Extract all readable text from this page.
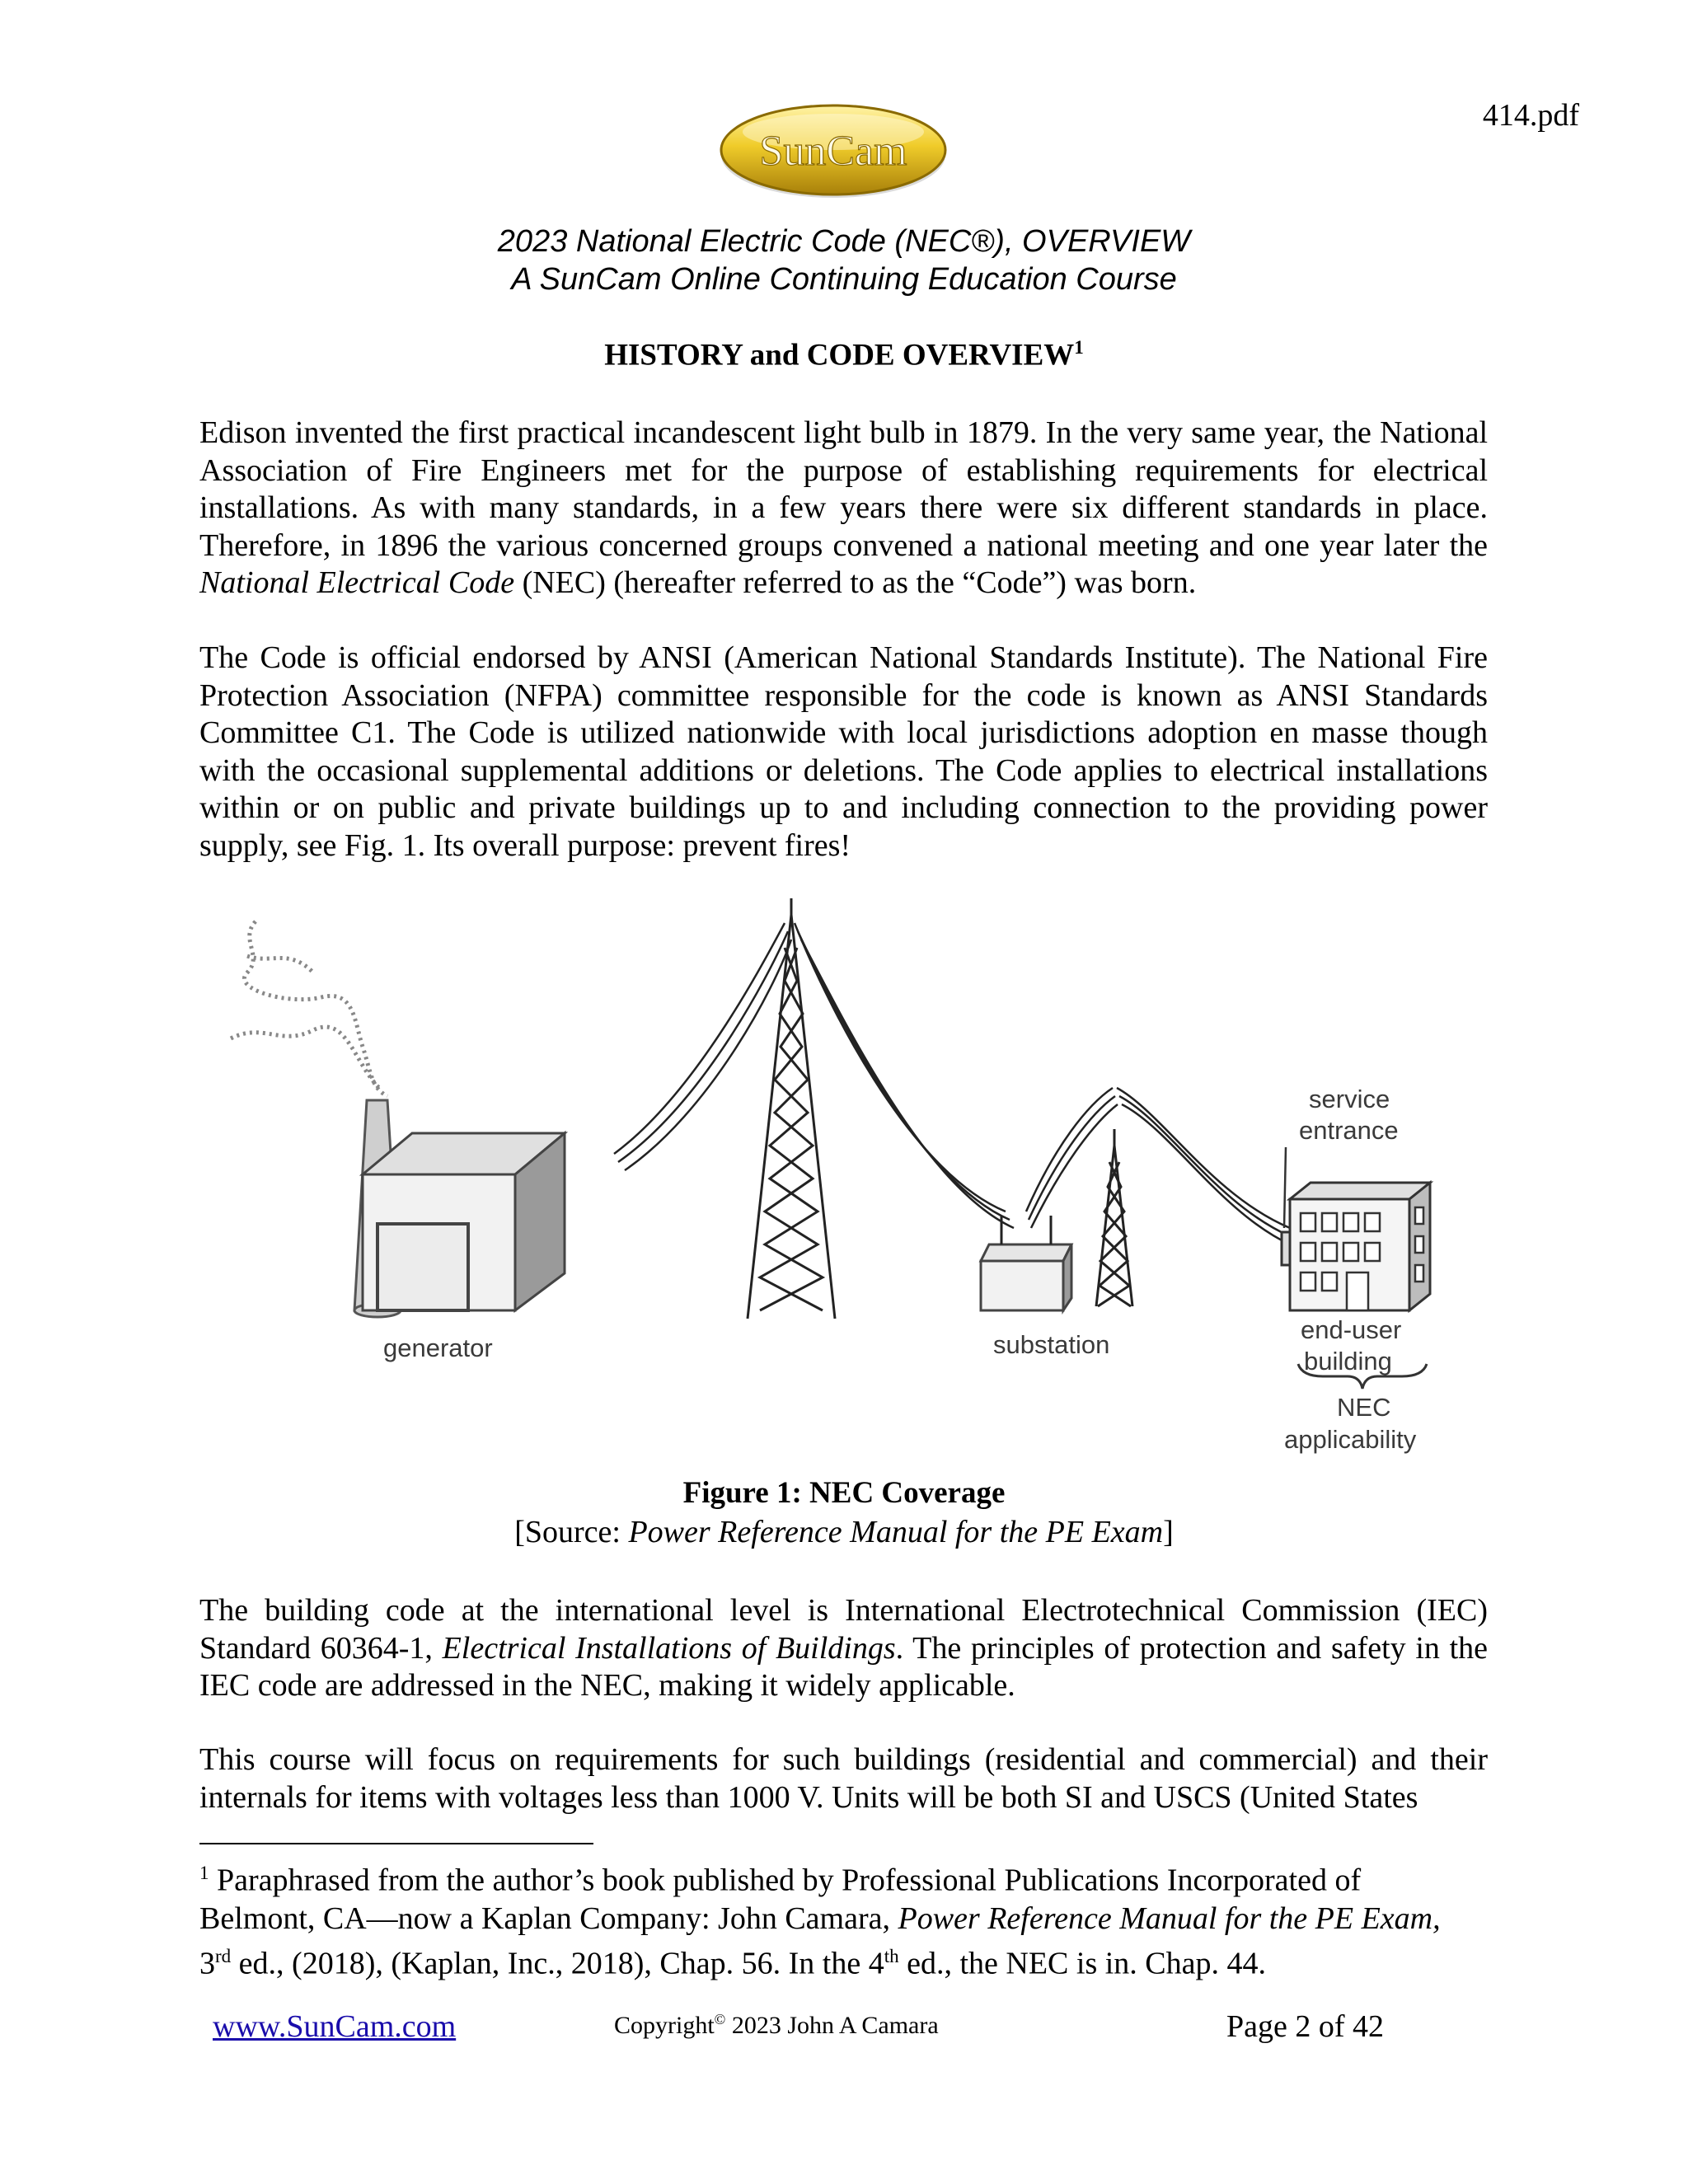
414.pdf
SunCam
2023 National Electric Code (NEC®), OVERVIEW
A SunCam Online Continuing Education Course
HISTORY and CODE OVERVIEW$^1$
Edison invented the first practical incandescent light bulb in 1879. In the very same year, the National Association of Fire Engineers met for the purpose of establishing requirements for electrical installations. As with many standards, in a few years there were six different standards in place. Therefore, in 1896 the various concerned groups convened a national meeting and one year later the National Electrical Code (NEC) (hereafter referred to as the “Code”) was born.
The Code is official endorsed by ANSI (American National Standards Institute). The National Fire Protection Association (NFPA) committee responsible for the code is known as ANSI Standards Committee C1. The Code is utilized nationwide with local jurisdictions adoption en masse though with the occasional supplemental additions or deletions. The Code applies to electrical installations within or on public and private buildings up to and including connection to the providing power supply, see Fig. 1. Its overall purpose: prevent fires!
generator	substation
service
entrance
end-user
building
NEC
applicability
Figure 1: NEC Coverage
[Source: Power Reference Manual for the PE Exam]
The building code at the international level is International Electrotechnical Commission (IEC) Standard 60364-1, Electrical Installations of Buildings. The principles of protection and safety in the IEC code are addressed in the NEC, making it widely applicable.
This course will focus on requirements for such buildings (residential and commercial) and their internals for items with voltages less than 1000 V. Units will be both SI and USCS (United States
$^1$ Paraphrased from the author’s book published by Professional Publications Incorporated of Belmont, CA—now a Kaplan Company: John Camara, Power Reference Manual for the PE Exam, 3rd ed., (2018), (Kaplan, Inc., 2018), Chap. 56. In the 4th ed., the NEC is in. Chap. 44.
www.SunCam.com	Copyright© 2023 John A Camara	Page 2 of 42
